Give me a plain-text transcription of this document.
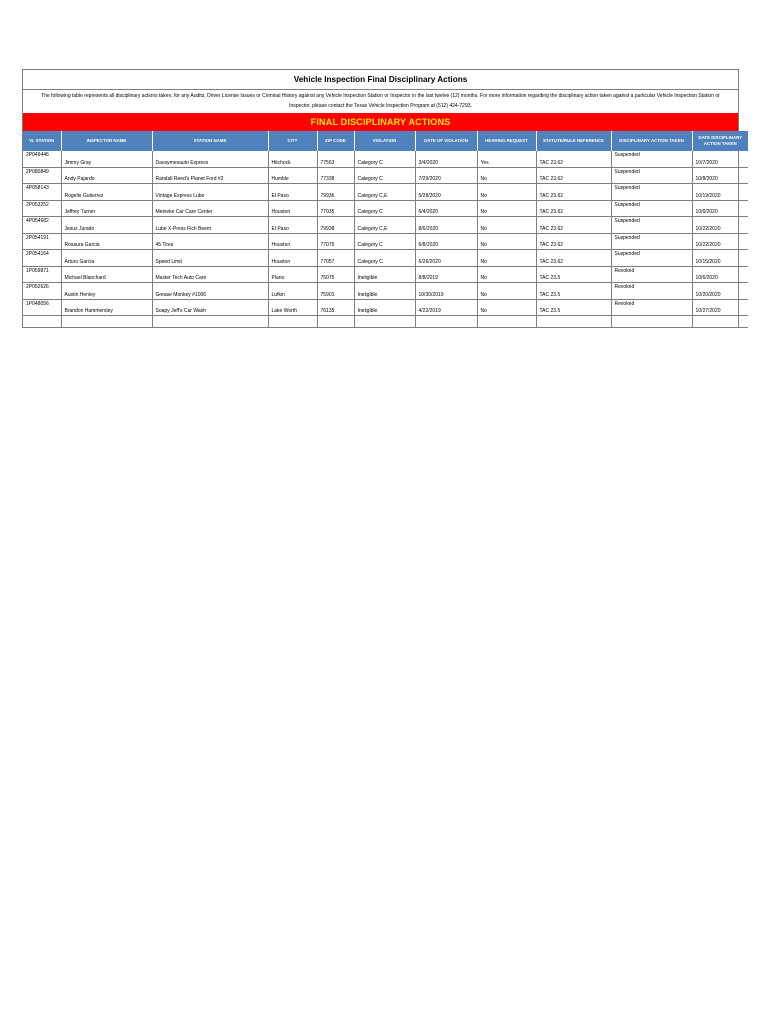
Vehicle Inspection Final Disciplinary Actions
The following table represents all disciplinary actions taken, for any Audits, Driver License Issues or Criminal History against any Vehicle Inspection Station or Inspector in the last twelve (12) months. For more information regarding the disciplinary action taken against a particular Vehicle Inspection Station or Inspector, please contact the Texas Vehicle Inspection Program at (512) 424-7293.
FINAL DISCIPLINARY ACTIONS
VI. STATION	INSPECTOR NAME	STATION NAME	CITY	ZIP CODE	VIOLATION	DATE OF VIOLATION	HEARING REQUEST	STATUTE/RULE REFERENCE	DISCIPLINARY ACTION TAKEN	DATE DISCIPLINARY ACTION TAKEN
2P049446	Jimmy Gray	Davaymesauto Express	Hitchock	77563	Category C	3/4/2020	Yes	TAC 23.62	Suspended	10/7/2020
2P080849	Andy Pajardo	Randall Reed's Planet Ford #2	Humble	77338	Category C	7/29/2020	No	TAC 23.62	Suspended	10/8/2020
4P058143	Rogelio Gutierrez	Vintage Express Lube	El Paso	79936	Category C,E	5/28/2020	No	TAC 23.62	Suspended	10/19/2020
2P053252	Jeffrey Turner	Meineke Car Care Center	Houston	77035	Category C	6/4/2020	No	TAC 23.62	Suspended	10/6/2020
4P054682	Jesus Jurado	Lube X-Press Fich Beem	El Paso	79938	Category C,E	8/6/2020	No	TAC 23.62	Suspended	10/22/2020
2P054191	Rosaura Garcia	45 Tires	Houston	77075	Category C	6/8/2020	No	TAC 23.62	Suspended	10/22/2020
2P054164	Arturo Garcia	Speed Limit	Houston	77057	Category C	6/26/2020	No	TAC 23.62	Suspended	10/15/2020
1P059871	Michael Blanchard	Master Tech Auto Care	Plano	75075	Ineligible	8/8/2019	No	TAC 23.5	Revoked	10/6/2020
2P052626	Austin Henley	Grease Monkey #1006	Lufkin	75901	Ineligible	10/30/2019	No	TAC 23.5	Revoked	10/20/2020
1P048056	Brandon Hammersley	Soapy Jeff's Car Wash	Lake Worth	76135	Ineligible	4/22/2019	No	TAC 23.5	Revoked	10/27/2020
